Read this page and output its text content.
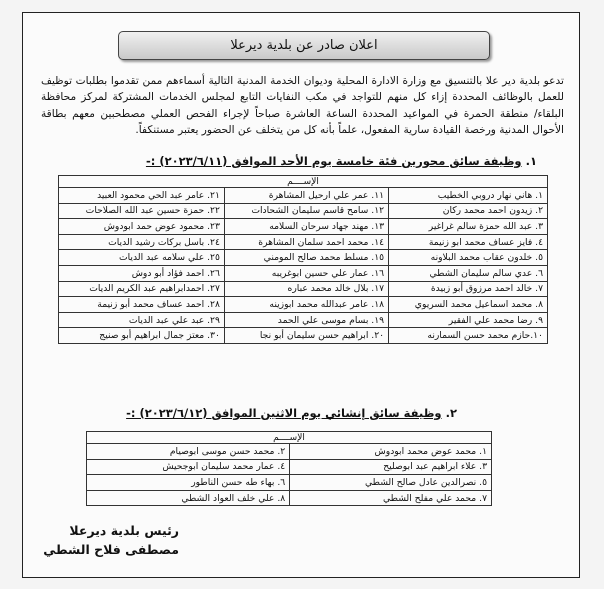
اعلان صادر عن بلدية ديرعلا

تدعو بلدية دير علا بالتنسيق مع وزارة الادارة المحلية وديوان الخدمة المدنية التالية أسماءهم ممن تقدموا بطلبات توظيف للعمل بالوظائف المحددة إزاء كل منهم للتواجد في مكب النفايات التابع لمجلس الخدمات المشتركة لمركز محافظة البلقاء/ منطقة الحمرة في المواعيد المحددة الساعة العاشرة صباحاً لإجراء الفحص العملي مصطحبين معهم بطاقة الأحوال المدنية ورخصة القيادة سارية المفعول، علماً بأنه كل من يتخلف عن الحضور يعتبر مستنكفاً.

١. وظيفة سائق محورين فئة خامسة يوم الأحد الموافق (٢٠٢٣/٦/١١) :-
الإســــم		
١. هاني نهار دروبي الخطيب	١١. عمر علي ارحيل المشاهرة	٢١. عامر عبد الحي محمود العبيد
٢. زيدون احمد محمد ركان	١٢. سامح قاسم سليمان الشحادات	٢٢. حمزة حسين عبد الله الصلاحات
٣. عبد الله حمزة سالم غراغير	١٣. مهند جهاد سرحان السلامه	٢٣. محمود عوض حمد ابودوش
٤. فايز عساف محمد ابو زنيمة	١٤. محمد احمد سلمان المشاهرة	٢٤. باسل بركات رشيد الديات
٥. خلدون عقاب محمد البلاونه	١٥. مسلط محمد صالح المومني	٢٥. علي سلامه عبد الديات
٦. عدي سالم سليمان الشطي	١٦. عمار علي حسين ابوغريبه	٢٦. احمد فؤاد أبو دوش
٧. خالد احمد مرزوق أبو زبيدة	١٧. بلال خالد محمد عباره	٢٧. احمدابراهيم عبد الكريم الديات
٨. محمد اسماعيل محمد السريوي	١٨. عامر عبدالله محمد ابوزينه	٢٨. احمد عساف محمد أبو زنيمة
٩. رضا محمد علي الفقير	١٩. بسام موسى علي الحمد	٢٩. عبد علي عبد الديات
١٠.حازم محمد حسن السمارنه	٢٠. ابراهيم حسن سليمان أبو نجا	٣٠. معتز جمال ابراهيم أبو صنيج
٢. وظيفة سائق إنشائي يوم الاثنين الموافق (٢٠٢٣/٦/١٢) :-
الإســــم	
١. محمد عوض محمد ابودوش	٢. محمد حسن موسى ابوصيام
٣. علاء ابراهيم عبد ابوصليح	٤. عمار محمد سليمان ابوجحيش
٥. نصرالدين عادل صالح الشطي	٦. بهاء طه حسن الناطور
٧. محمد علي مفلح الشطي	٨. علي خلف العواد الشطي
رئيس بلدية ديرعلا
مصطفى فلاح الشطي
